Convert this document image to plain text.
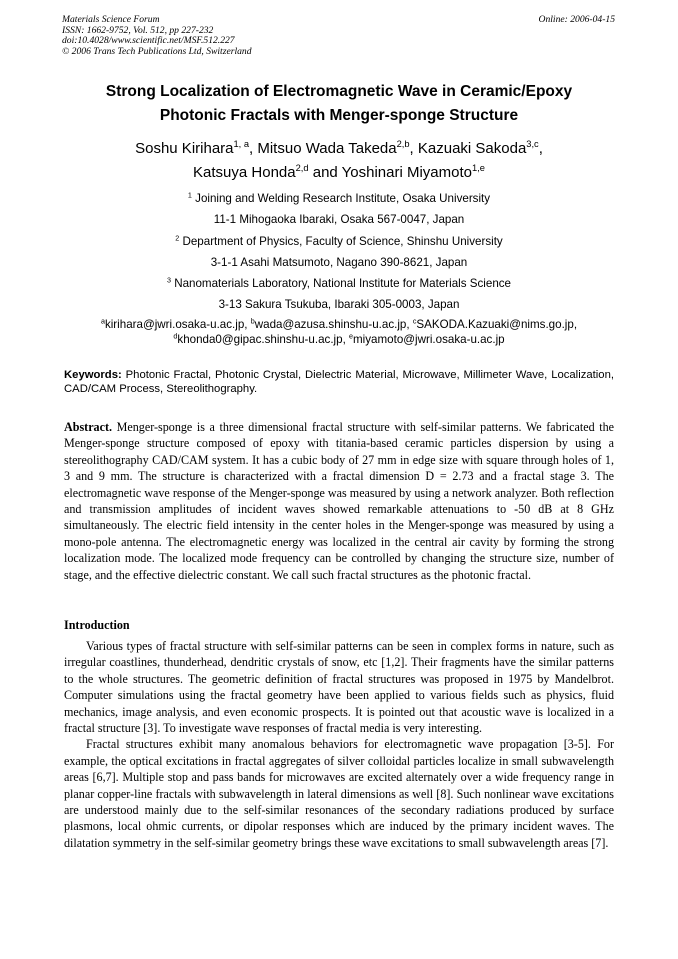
Materials Science Forum
ISSN: 1662-9752, Vol. 512, pp 227-232
doi:10.4028/www.scientific.net/MSF.512.227
© 2006 Trans Tech Publications Ltd, Switzerland
Online: 2006-04-15
Strong Localization of Electromagnetic Wave in Ceramic/Epoxy
Photonic Fractals with Menger-sponge Structure
Soshu Kirihara$^{1, a}$, Mitsuo Wada Takeda$^{2,b}$, Kazuaki Sakoda$^{3,c}$,
Katsuya Honda$^{2,d}$ and Yoshinari Miyamoto$^{1,e}$
$^1$ Joining and Welding Research Institute, Osaka University
11-1 Mihogaoka Ibaraki, Osaka 567-0047, Japan
$^2$ Department of Physics, Faculty of Science, Shinshu University
3-1-1 Asahi Matsumoto, Nagano 390-8621, Japan
$^3$ Nanomaterials Laboratory, National Institute for Materials Science
3-13 Sakura Tsukuba, Ibaraki 305-0003, Japan
$^a$kirihara@jwri.osaka-u.ac.jp, $^b$wada@azusa.shinshu-u.ac.jp, $^c$SAKODA.Kazuaki@nims.go.jp,
$^d$khonda0@gipac.shinshu-u.ac.jp, $^e$miyamoto@jwri.osaka-u.ac.jp
Keywords: Photonic Fractal, Photonic Crystal, Dielectric Material, Microwave, Millimeter Wave, Localization, CAD/CAM Process, Stereolithography.
Abstract. Menger-sponge is a three dimensional fractal structure with self-similar patterns. We fabricated the Menger-sponge structure composed of epoxy with titania-based ceramic particles dispersion by using a stereolithography CAD/CAM system. It has a cubic body of 27 mm in edge size with square through holes of 1, 3 and 9 mm. The structure is characterized with a fractal dimension D = 2.73 and a fractal stage 3. The electromagnetic wave response of the Menger-sponge was measured by using a network analyzer. Both reflection and transmission amplitudes of incident waves showed remarkable attenuations to -50 dB at 8 GHz simultaneously. The electric field intensity in the center holes in the Menger-sponge was measured by using a mono-pole antenna. The electromagnetic energy was localized in the central air cavity by forming the strong localization mode. The localized mode frequency can be controlled by changing the structure size, number of stage, and the effective dielectric constant. We call such fractal structures as the photonic fractal.
Introduction

Various types of fractal structure with self-similar patterns can be seen in complex forms in nature, such as irregular coastlines, thunderhead, dendritic crystals of snow, etc [1,2]. Their fragments have the similar patterns to the whole structures. The geometric definition of fractal structures was proposed in 1975 by Mandelbrot. Computer simulations using the fractal geometry have been applied to various fields such as physics, fluid mechanics, image analysis, and even economic prospects. It is pointed out that acoustic wave is localized in a fractal structure [3]. To investigate wave responses of fractal media is very interesting.

Fractal structures exhibit many anomalous behaviors for electromagnetic wave propagation [3-5]. For example, the optical excitations in fractal aggregates of silver colloidal particles localize in small subwavelength areas [6,7]. Multiple stop and pass bands for microwaves are excited alternately over a wide frequency range in planar copper-line fractals with subwavelength in lateral dimensions as well [8]. Such nonlinear wave excitations are understood mainly due to the self-similar resonances of the secondary radiations produced by surface plasmons, local ohmic currents, or dipolar responses which are induced by the primary incident waves. The dilatation symmetry in the self-similar geometry brings these wave excitations to small subwavelength areas [7].
